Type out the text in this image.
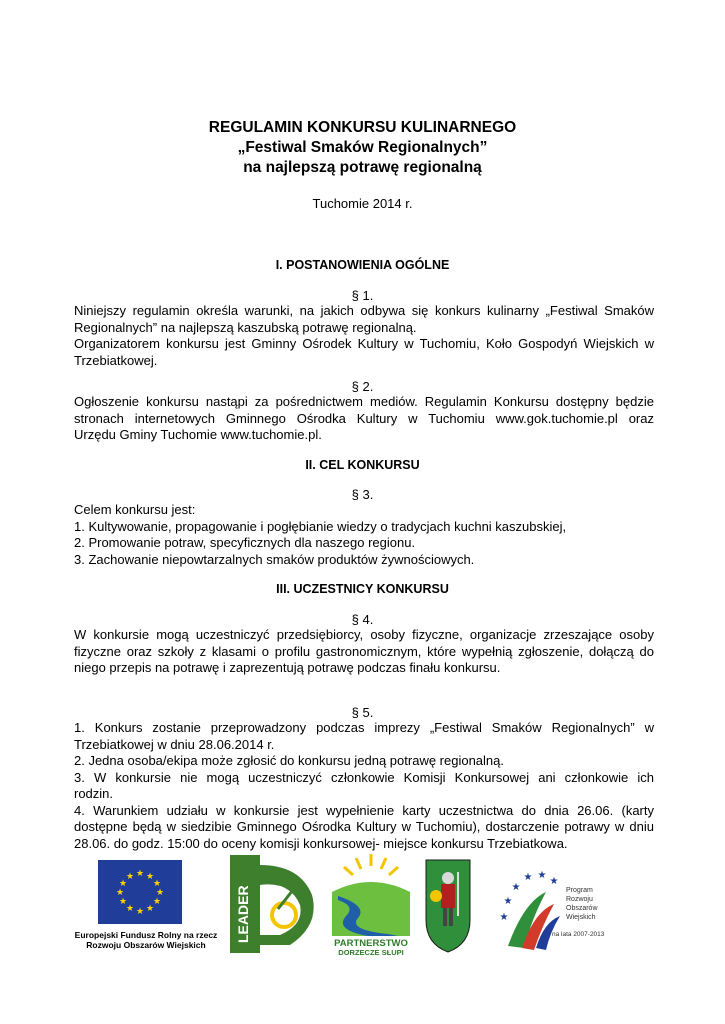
REGULAMIN KONKURSU KULINARNEGO
„Festiwal Smaków Regionalnych”
na najlepszą potrawę regionalną
Tuchomie 2014 r.
I. POSTANOWIENIA OGÓLNE
§ 1.
Niniejszy regulamin określa warunki, na jakich odbywa się konkurs kulinarny „Festiwal Smaków
Regionalnych” na najlepszą kaszubską potrawę regionalną.
Organizatorem konkursu jest Gminny Ośrodek Kultury w Tuchomiu, Koło Gospodyń Wiejskich w
Trzebiatkowej.
§ 2.
Ogłoszenie konkursu nastąpi za pośrednictwem mediów. Regulamin Konkursu dostępny będzie
stronach internetowych Gminnego Ośrodka Kultury w Tuchomiu www.gok.tuchomie.pl oraz
Urzędu Gminy Tuchomie www.tuchomie.pl.
II. CEL KONKURSU
§ 3.
Celem konkursu jest:
1. Kultywowanie, propagowanie i pogłębianie wiedzy o tradycjach kuchni kaszubskiej,
2. Promowanie potraw, specyficznych dla naszego regionu.
3. Zachowanie niepowtarzalnych smaków produktów żywnościowych.
III. UCZESTNICY KONKURSU
§ 4.
W konkursie mogą uczestniczyć przedsiębiorcy, osoby fizyczne, organizacje zrzeszające osoby
fizyczne oraz szkoły z klasami o profilu gastronomicznym, które wypełnią zgłoszenie, dołączą do
niego przepis na potrawę i zaprezentują potrawę podczas finału konkursu.
§ 5.
1. Konkurs zostanie przeprowadzony podczas imprezy „Festiwal Smaków Regionalnych” w
Trzebiatkowej w dniu 28.06.2014 r.
2. Jedna osoba/ekipa może zgłosić do konkursu jedną potrawę regionalną.
3. W konkursie nie mogą uczestniczyć członkowie Komisji Konkursowej ani członkowie ich
rodzin.
4. Warunkiem udziału w konkursie jest wypełnienie karty uczestnictwa do dnia 26.06. (karty
dostępne będą w siedzibie Gminnego Ośrodka Kultury w Tuchomiu), dostarczenie potrawy w dniu
28.06. do godz. 15:00 do oceny komisji konkursowej- miejsce konkursu Trzebiatkowa.
★ ★
★
★
★
★
★
★
★
★
★
★
Europejski Fundusz Rolny na rzecz
Rozwoju Obszarów Wiejskich
LEADER
PARTNERSTWO
DORZECZE SŁUPI
★
★
★
★ ★
★
Program
Rozwoju
Obszarów
Wiejskich
na lata 2007-2013
